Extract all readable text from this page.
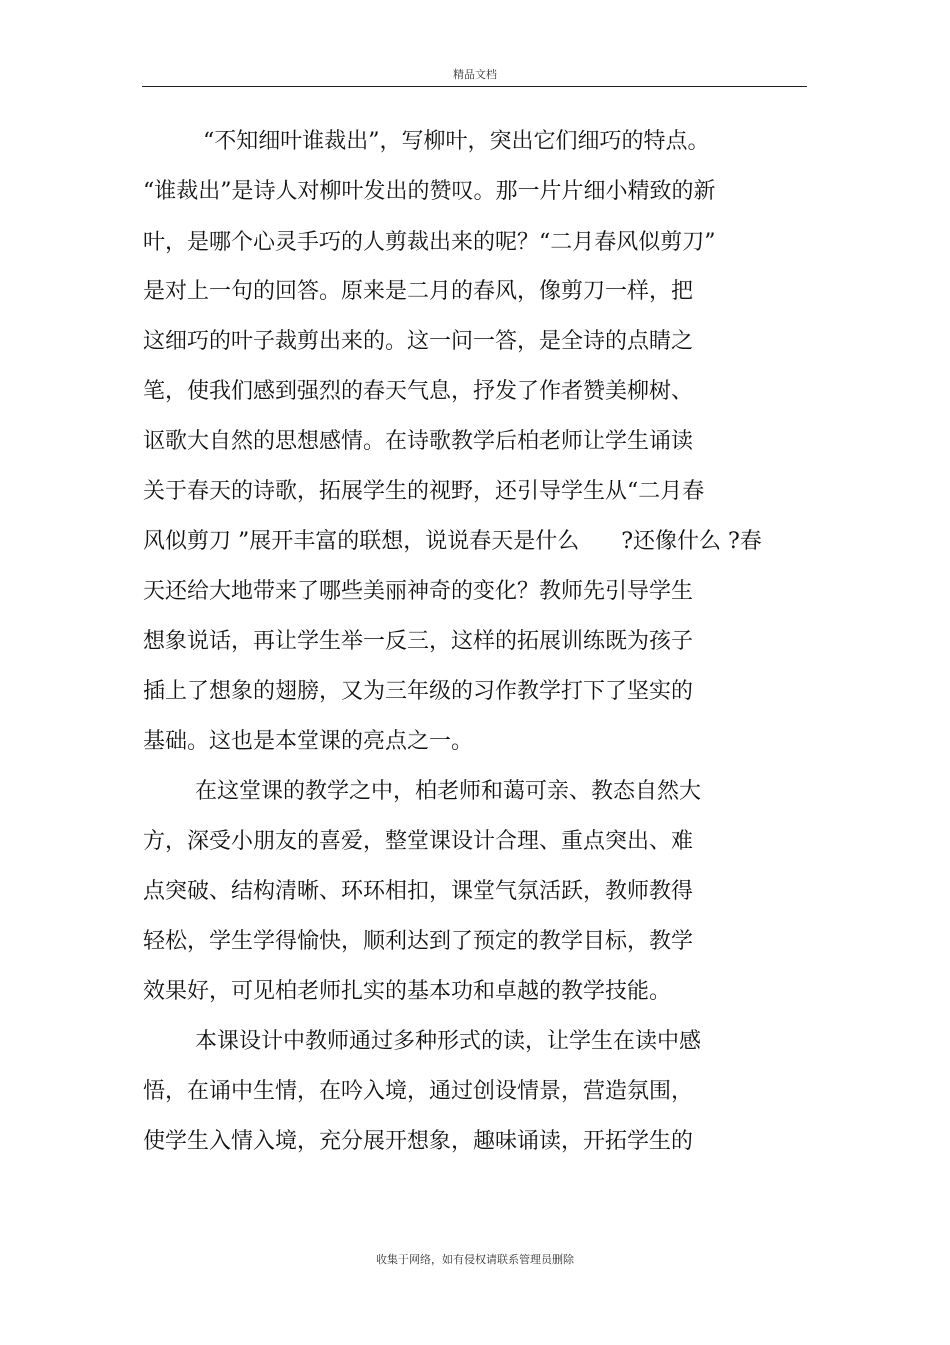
精品文档
“不知细叶谁裁出”，写柳叶，突出它们细巧的特点。
“谁裁出”是诗人对柳叶发出的赞叹。那一片片细小精致的新
叶，是哪个心灵手巧的人剪裁出来的呢？“二月春风似剪刀”
是对上一句的回答。原来是二月的春风，像剪刀一样，把
这细巧的叶子裁剪出来的。这一问一答，是全诗的点睛之
笔，使我们感到强烈的春天气息，抒发了作者赞美柳树、
讴歌大自然的思想感情。在诗歌教学后柏老师让学生诵读
关于春天的诗歌，拓展学生的视野，还引导学生从“二月春
风似剪刀 ”展开丰富的联想，说说春天是什么      ?还像什么 ?春
天还给大地带来了哪些美丽神奇的变化？教师先引导学生
想象说话，再让学生举一反三，这样的拓展训练既为孩子
插上了想象的翅膀，又为三年级的习作教学打下了坚实的
基础。这也是本堂课的亮点之一。
在这堂课的教学之中，柏老师和蔼可亲、教态自然大
方，深受小朋友的喜爱，整堂课设计合理、重点突出、难
点突破、结构清晰、环环相扣，课堂气氛活跃，教师教得
轻松，学生学得愉快，顺利达到了预定的教学目标，教学
效果好，可见柏老师扎实的基本功和卓越的教学技能。
本课设计中教师通过多种形式的读，让学生在读中感
悟，在诵中生情，在吟入境，通过创设情景，营造氛围，
使学生入情入境，充分展开想象，趣味诵读，开拓学生的
收集于网络，如有侵权请联系管理员删除
